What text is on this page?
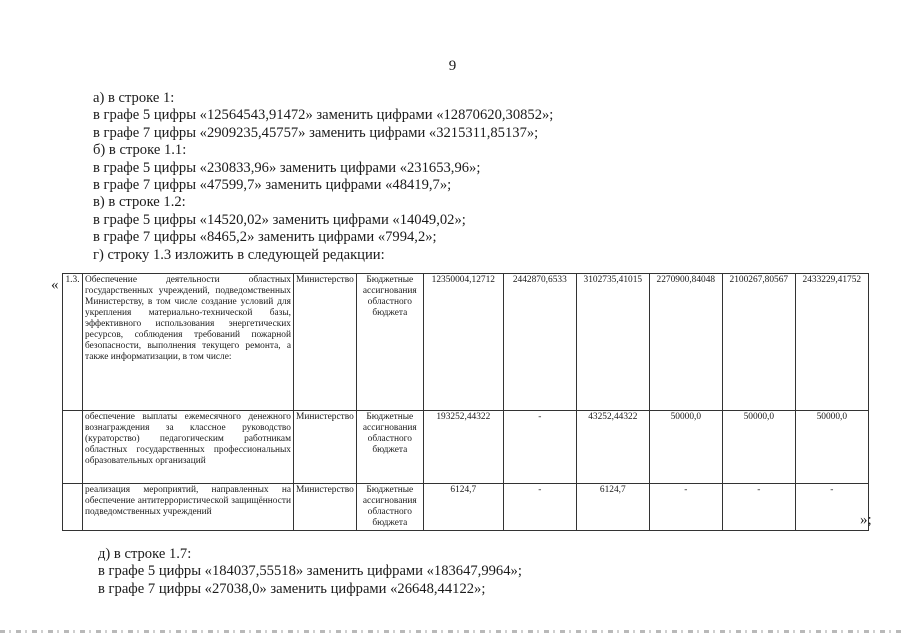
9
а) в строке 1:
в графе 5 цифры «12564543,91472» заменить цифрами «12870620,30852»;
в графе 7 цифры «2909235,45757» заменить цифрами «3215311,85137»;
б) в строке 1.1:
в графе 5 цифры «230833,96» заменить цифрами «231653,96»;
в графе 7 цифры «47599,7» заменить цифрами «48419,7»;
в) в строке 1.2:
в графе 5 цифры «14520,02» заменить цифрами «14049,02»;
в графе 7 цифры «8465,2» заменить цифрами «7994,2»;
г) строку 1.3 изложить в следующей редакции:
« 1.3.	Обеспечение деятельности областных государственных учреждений, подведомственных Министерству, в том числе создание условий для укрепления материально-технической базы, эффективного использования энергетических ресурсов, соблюдения требований пожарной безопасности, выполнения текущего ремонта, а также информатизации, в том числе:	Министерство	Бюджетные ассигнования областного бюджета	12350004,12712	2442870,6533	3102735,41015	2270900,84048	2100267,80567	2433229,41752
	обеспечение выплаты ежемесячного денежного вознаграждения за классное руководство (кураторство) педагогическим работникам областных государственных профессиональных образовательных организаций	Министерство	Бюджетные ассигнования областного бюджета	193252,44322	-	43252,44322	50000,0	50000,0	50000,0
	реализация мероприятий, направленных на обеспечение антитеррористической защищённости подведомственных учреждений	Министерство	Бюджетные ассигнования областного бюджета	6124,7	-	6124,7	-	-	-
»;
д) в строке 1.7:
в графе 5 цифры «184037,55518» заменить цифрами «183647,9964»;
в графе 7 цифры «27038,0» заменить цифрами «26648,44122»;
